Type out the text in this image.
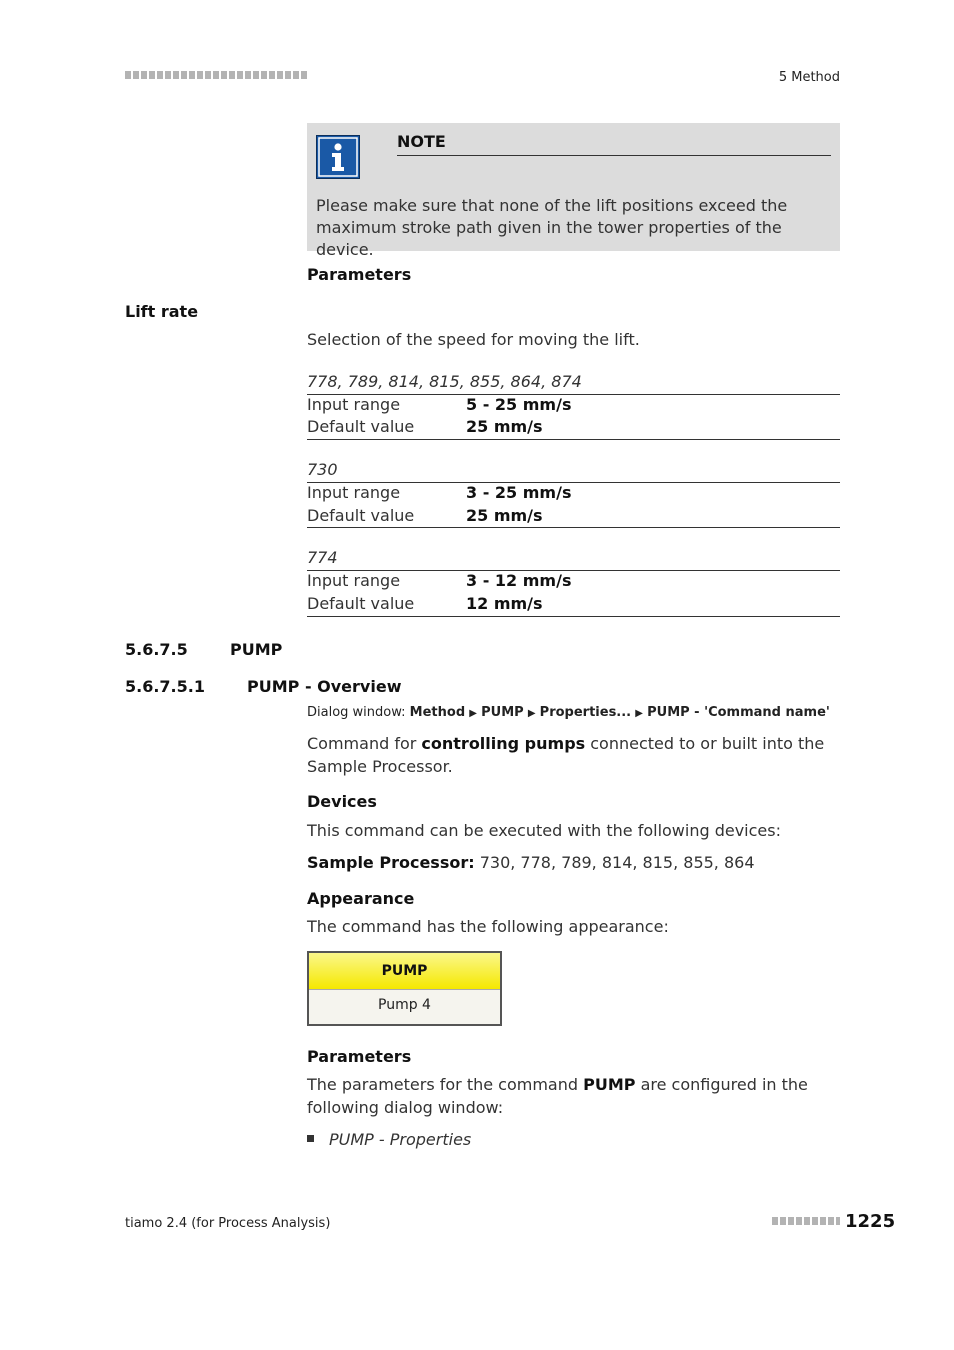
5 Method
NOTE
Please make sure that none of the lift positions exceed the maximum stroke path given in the tower properties of the device.
Parameters
Lift rate
Selection of the speed for moving the lift.
778, 789, 814, 815, 855, 864, 874
Input range	5 - 25 mm/s
Default value	25 mm/s
730
Input range	3 - 25 mm/s
Default value	25 mm/s
774
Input range	3 - 12 mm/s
Default value	12 mm/s
5.6.7.5	PUMP
5.6.7.5.1	PUMP - Overview
Dialog window: Method ▶ PUMP ▶ Properties... ▶ PUMP - 'Command name'
Command for controlling pumps connected to or built into the Sample Processor.
Devices
This command can be executed with the following devices:
Sample Processor: 730, 778, 789, 814, 815, 855, 864
Appearance
The command has the following appearance:
PUMP
Pump 4
Parameters
The parameters for the command PUMP are configured in the following dialog window:
PUMP - Properties
tiamo 2.4 (for Process Analysis)	1225
